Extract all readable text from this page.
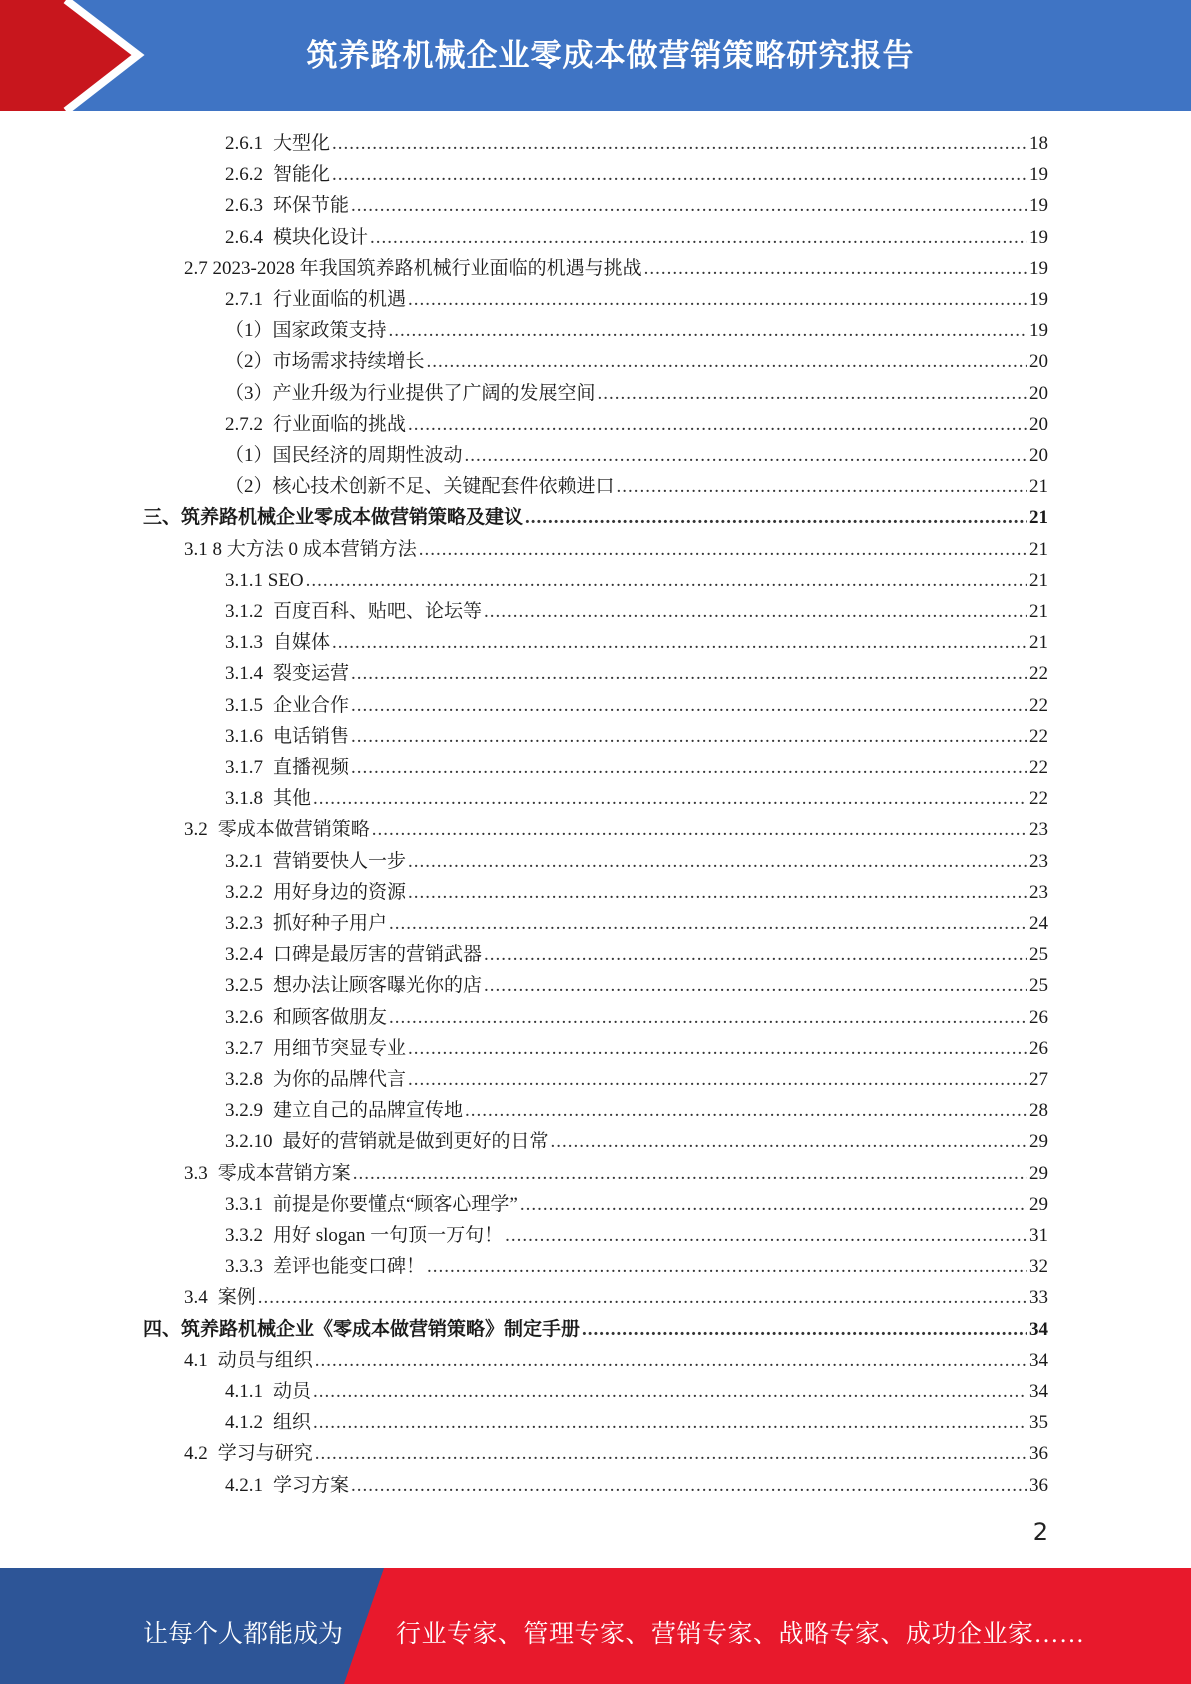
筑养路机械企业零成本做营销策略研究报告
2.6.1 大型化 .....	18
2.6.2 智能化 .....	19
2.6.3 环保节能 .....	19
2.6.4 模块化设计 .....	19
2.7 2023-2028 年我国筑养路机械行业面临的机遇与挑战 .....	19
2.7.1 行业面临的机遇 .....	19
（1）国家政策支持 .....	19
（2）市场需求持续增长 .....	20
（3）产业升级为行业提供了广阔的发展空间 .....	20
2.7.2 行业面临的挑战 .....	20
（1）国民经济的周期性波动 .....	20
（2）核心技术创新不足、关键配套件依赖进口 .....	21
三、筑养路机械企业零成本做营销策略及建议 .....	21
3.1 8 大方法 0 成本营销方法 .....	21
3.1.1 SEO .....	21
3.1.2 百度百科、贴吧、论坛等 .....	21
3.1.3 自媒体 .....	21
3.1.4 裂变运营 .....	22
3.1.5 企业合作 .....	22
3.1.6 电话销售 .....	22
3.1.7 直播视频 .....	22
3.1.8 其他 .....	22
3.2 零成本做营销策略 .....	23
3.2.1 营销要快人一步 .....	23
3.2.2 用好身边的资源 .....	23
3.2.3 抓好种子用户 .....	24
3.2.4 口碑是最厉害的营销武器 .....	25
3.2.5 想办法让顾客曝光你的店 .....	25
3.2.6 和顾客做朋友 .....	26
3.2.7 用细节突显专业 .....	26
3.2.8 为你的品牌代言 .....	27
3.2.9 建立自己的品牌宣传地 .....	28
3.2.10 最好的营销就是做到更好的日常 .....	29
3.3 零成本营销方案 .....	29
3.3.1 前提是你要懂点“顾客心理学” .....	29
3.3.2 用好 slogan 一句顶一万句！ .....	31
3.3.3 差评也能变口碑！ .....	32
3.4 案例 .....	33
四、筑养路机械企业《零成本做营销策略》制定手册 .....	34
4.1 动员与组织 .....	34
4.1.1 动员 .....	34
4.1.2 组织 .....	35
4.2 学习与研究 .....	36
4.2.1 学习方案 .....	36
2
让每个人都能成为 行业专家、管理专家、营销专家、战略专家、成功企业家……
